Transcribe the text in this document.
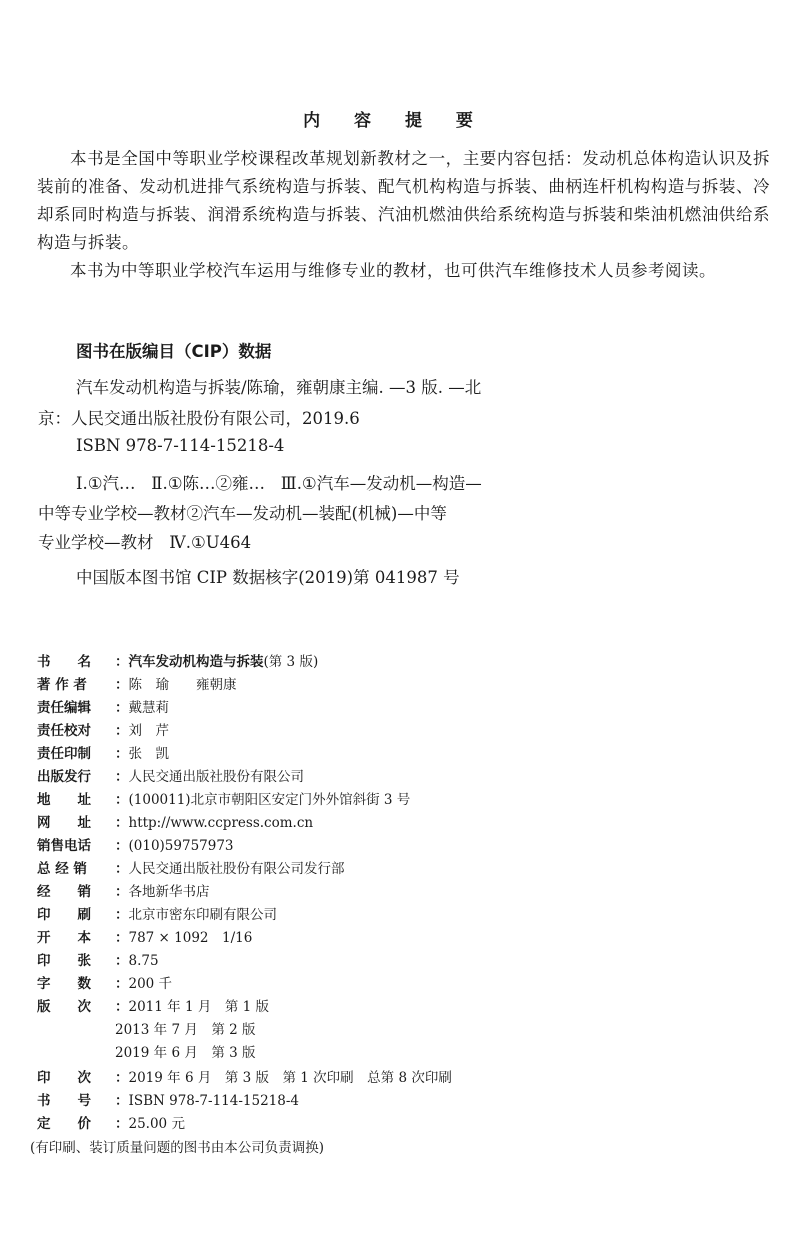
内 容 提 要
本书是全国中等职业学校课程改革规划新教材之一，主要内容包括：发动机总体构造认识及拆装前的准备、发动机进排气系统构造与拆装、配气机构构造与拆装、曲柄连杆机构构造与拆装、冷却系同时构造与拆装、润滑系统构造与拆装、汽油机燃油供给系统构造与拆装和柴油机燃油供给系构造与拆装。
本书为中等职业学校汽车运用与维修专业的教材，也可供汽车维修技术人员参考阅读。
图书在版编目（CIP）数据
汽车发动机构造与拆装/陈瑜，雍朝康主编. —3 版. —北
京：人民交通出版社股份有限公司，2019.6
ISBN 978-7-114-15218-4
Ⅰ.①汽…   Ⅱ.①陈…②雍…   Ⅲ.①汽车—发动机—构造—
中等专业学校—教材②汽车—发动机—装配(机械)—中等
专业学校—教材   Ⅳ.①U464
中国版本图书馆 CIP 数据核字(2019)第 041987 号
书　　名 ：汽车发动机构造与拆装(第 3 版)
著 作 者 ：陈　瑜　　雍朝康
责任编辑 ：戴慧莉
责任校对 ：刘　芹
责任印制 ：张　凯
出版发行 ：人民交通出版社股份有限公司
地　　址 ：(100011)北京市朝阳区安定门外外馆斜街 3 号
网　　址 ：http://www.ccpress.com.cn
销售电话 ：(010)59757973
总 经 销 ：人民交通出版社股份有限公司发行部
经　　销 ：各地新华书店
印　　刷 ：北京市密东印刷有限公司
开　　本 ：787 × 1092　1/16
印　　张 ：8.75
字　　数 ：200 千
版　　次 ：2011 年 1 月　第 1 版
2013 年 7 月　第 2 版
2019 年 6 月　第 3 版
印　　次 ：2019 年 6 月　第 3 版　第 1 次印刷　总第 8 次印刷
书　　号 ：ISBN 978-7-114-15218-4
定　　价 ：25.00 元
(有印刷、装订质量问题的图书由本公司负责调换)
